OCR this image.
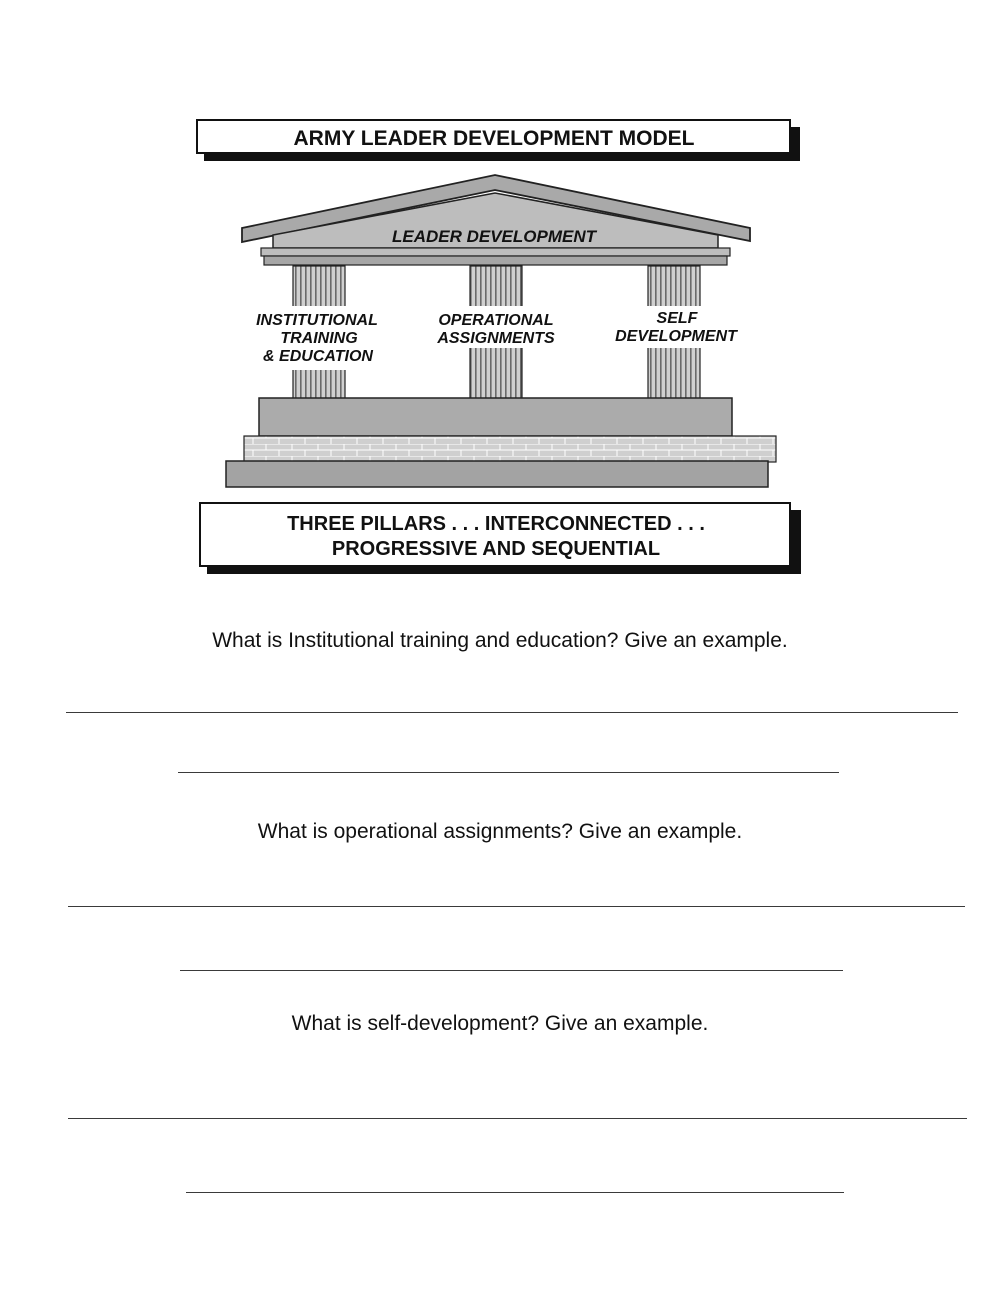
ARMY LEADER DEVELOPMENT MODEL
LEADER DEVELOPMENT
INSTITUTIONAL
TRAINING
& EDUCATION
OPERATIONAL
ASSIGNMENTS
SELF
DEVELOPMENT
THREE PILLARS . . . INTERCONNECTED . . .
PROGRESSIVE AND SEQUENTIAL
What is Institutional training and education? Give an example.
What is operational assignments? Give an example.
What is self-development? Give an example.
